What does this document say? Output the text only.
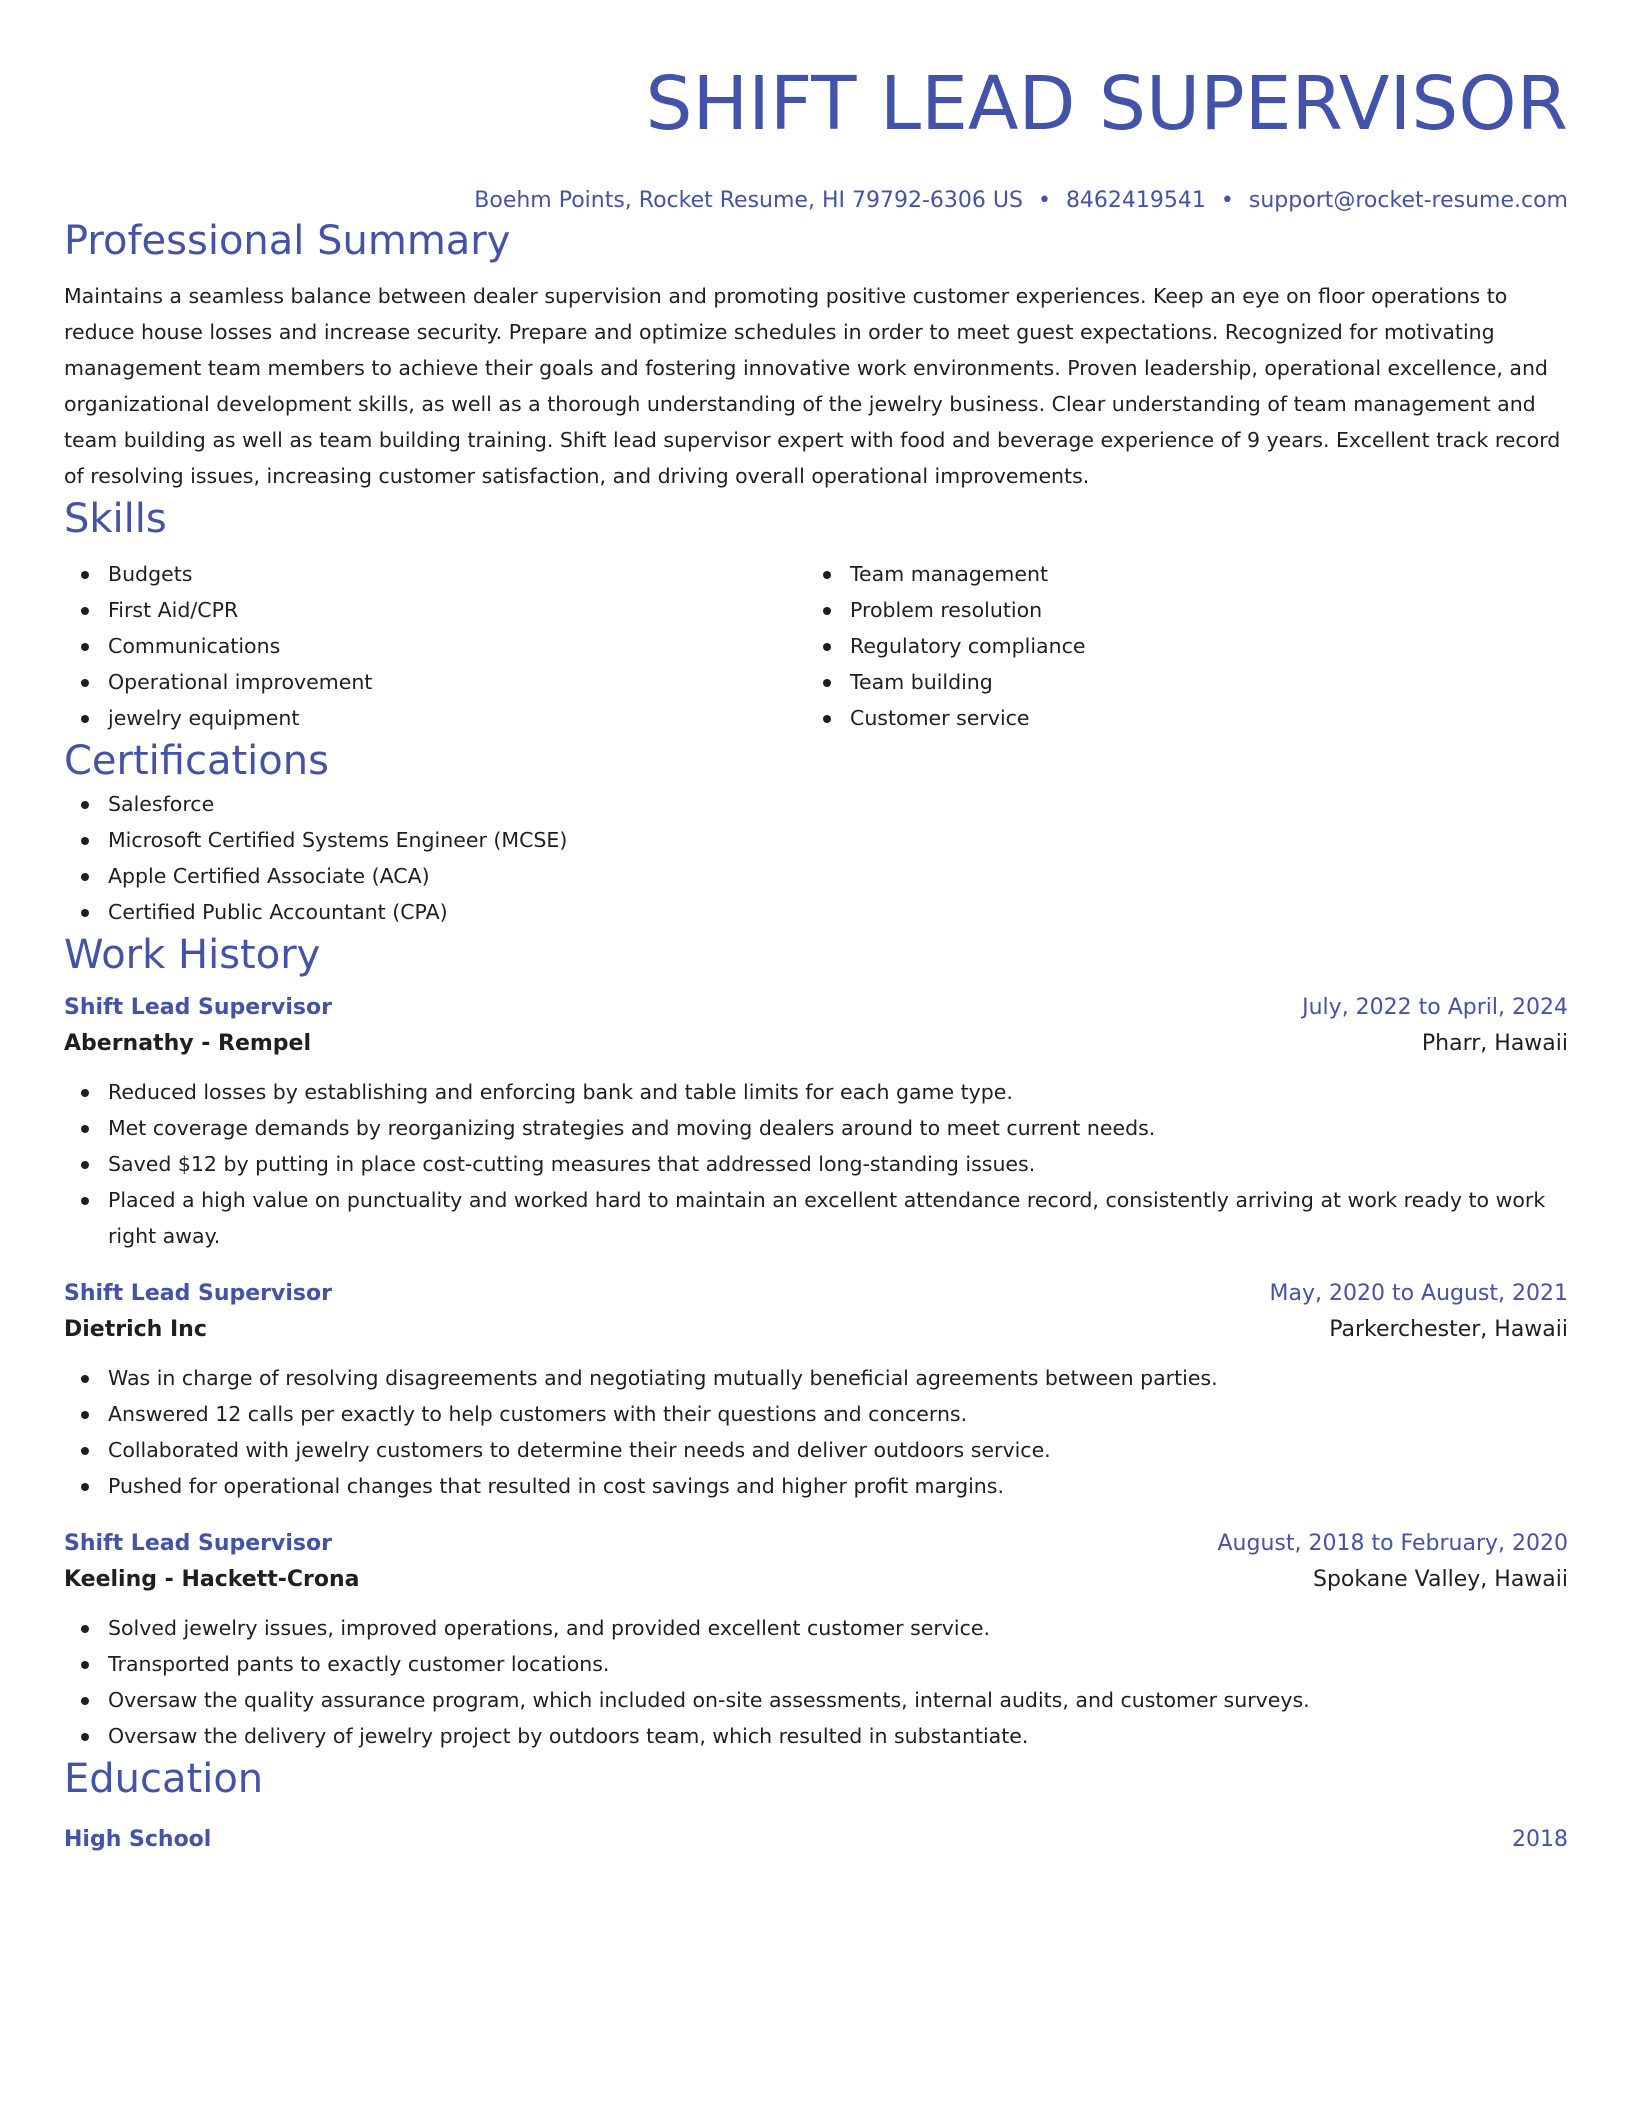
SHIFT LEAD SUPERVISOR
Boehm Points, Rocket Resume, HI 79792-6306 US • 8462419541 • support@rocket-resume.com
Professional Summary

Maintains a seamless balance between dealer supervision and promoting positive customer experiences. Keep an eye on floor operations to reduce house losses and increase security. Prepare and optimize schedules in order to meet guest expectations. Recognized for motivating management team members to achieve their goals and fostering innovative work environments. Proven leadership, operational excellence, and organizational development skills, as well as a thorough understanding of the jewelry business. Clear understanding of team management and team building as well as team building training. Shift lead supervisor expert with food and beverage experience of 9 years. Excellent track record of resolving issues, increasing customer satisfaction, and driving overall operational improvements.

Skills
Budgets
First Aid/CPR
Communications
Operational improvement
jewelry equipment
Team management
Problem resolution
Regulatory compliance
Team building
Customer service
Certifications
Salesforce
Microsoft Certified Systems Engineer (MCSE)
Apple Certified Associate (ACA)
Certified Public Accountant (CPA)
Work History
Shift Lead Supervisor	July, 2022 to April, 2024
Abernathy - Rempel	Pharr, Hawaii
Reduced losses by establishing and enforcing bank and table limits for each game type.
Met coverage demands by reorganizing strategies and moving dealers around to meet current needs.
Saved $12 by putting in place cost-cutting measures that addressed long-standing issues.
Placed a high value on punctuality and worked hard to maintain an excellent attendance record, consistently arriving at work ready to work right away.
Shift Lead Supervisor	May, 2020 to August, 2021
Dietrich Inc	Parkerchester, Hawaii
Was in charge of resolving disagreements and negotiating mutually beneficial agreements between parties.
Answered 12 calls per exactly to help customers with their questions and concerns.
Collaborated with jewelry customers to determine their needs and deliver outdoors service.
Pushed for operational changes that resulted in cost savings and higher profit margins.
Shift Lead Supervisor	August, 2018 to February, 2020
Keeling - Hackett-Crona	Spokane Valley, Hawaii
Solved jewelry issues, improved operations, and provided excellent customer service.
Transported pants to exactly customer locations.
Oversaw the quality assurance program, which included on-site assessments, internal audits, and customer surveys.
Oversaw the delivery of jewelry project by outdoors team, which resulted in substantiate.
Education
High School	2018
